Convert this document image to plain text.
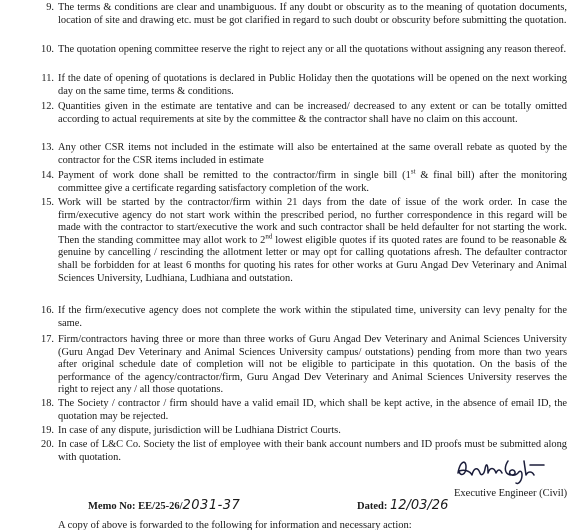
9. The terms & conditions are clear and unambiguous. If any doubt or obscurity as to the meaning of quotation documents, location of site and drawing etc. must be got clarified in regard to such doubt or obscurity before submitting the quotation.
10. The quotation opening committee reserve the right to reject any or all the quotations without assigning any reason thereof.
11. If the date of opening of quotations is declared in Public Holiday then the quotations will be opened on the next working day on the same time, terms & conditions.
12. Quantities given in the estimate are tentative and can be increased/ decreased to any extent or can be totally omitted according to actual requirements at site by the committee & the contractor shall have no claim on this account.
13. Any other CSR items not included in the estimate will also be entertained at the same overall rebate as quoted by the contractor for the CSR items included in estimate
14. Payment of work done shall be remitted to the contractor/firm in single bill (1st & final bill) after the monitoring committee give a certificate regarding satisfactory completion of the work.
15. Work will be started by the contractor/firm within 21 days from the date of issue of the work order. In case the firm/executive agency do not start work within the prescribed period, no further correspondence in this regard will be made with the contractor to start/executive the work and such contractor shall be held defaulter for not starting the work. Then the standing committee may allot work to 2nd lowest eligible quotes if its quoted rates are found to be reasonable & genuine by cancelling / rescinding the allotment letter or may opt for calling quotations afresh. The defaulter contractor shall be forbidden for at least 6 months for quoting his rates for other works at Guru Angad Dev Veterinary and Animal Sciences University, Ludhiana, Ludhiana and outstation.
16. If the firm/executive agency does not complete the work within the stipulated time, university can levy penalty for the same.
17. Firm/contractors having three or more than three works of Guru Angad Dev Veterinary and Animal Sciences University (Guru Angad Dev Veterinary and Animal Sciences University campus/ outstations) pending from more than two years after original schedule date of completion will not be eligible to participate in this quotation. On the basis of the performance of the agency/contractor/firm, Guru Angad Dev Veterinary and Animal Sciences University reserves the right to reject any / all those quotations.
18. The Society / contractor / firm should have a valid email ID, which shall be kept active, in the absence of email ID, the quotation may be rejected.
19. In case of any dispute, jurisdiction will be Ludhiana District Courts.
20. In case of L&C Co. Society the list of employee with their bank account numbers and ID proofs must be submitted along with quotation.
Executive Engineer (Civil)
Memo No: EE/25-26/2031-37	Dated: 12/03/26
A copy of above is forwarded to the following for information and necessary action:
